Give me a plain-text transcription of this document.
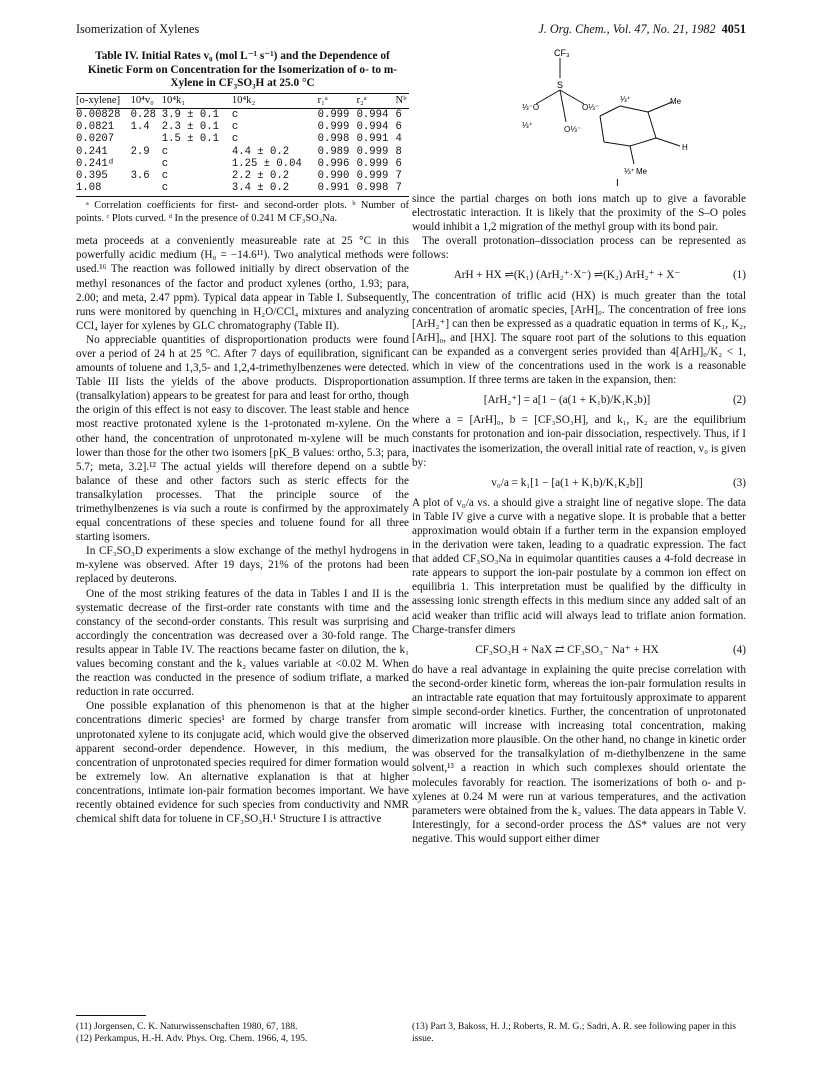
Isomerization of Xylenes	J. Org. Chem., Vol. 47, No. 21, 1982 4051
Table IV. Initial Rates v₀ (mol L⁻¹ s⁻¹) and the Dependence of Kinetic Form on Concentration for the Isomerization of o- to m-Xylene in CF₃SO₃H at 25.0 °C
[o-xylene]	10⁴v₀	10⁴k₁	10⁴k₂	r₁ᵃ	r₂ᵃ	Nᵇ
0.00828	0.28	3.9 ± 0.1	c	0.999	0.994	6
0.0821	1.4	2.3 ± 0.1	c	0.999	0.994	6
0.0207		1.5 ± 0.1	c	0.998	0.991	4
0.241	2.9	c	4.4 ± 0.2	0.989	0.999	8
0.241ᵈ		c	1.25 ± 0.04	0.996	0.999	6
0.395	3.6	c	2.2 ± 0.2	0.990	0.999	7
1.08		c	3.4 ± 0.2	0.991	0.998	7
ᵃ Correlation coefficients for first- and second-order plots. ᵇ Number of points. ᶜ Plots curved. ᵈ In the presence of 0.241 M CF₃SO₃Na.

meta proceeds at a conveniently measureable rate at 25 °C in this powerfully acidic medium (H₀ = −14.6¹¹). Two analytical methods were used.¹⁶ The reaction was followed initially by direct observation of the methyl resonances of the factor and product xylenes (ortho, 1.93; para, 2.00; and meta, 2.47 ppm). Typical data appear in Table I. Subsequently, runs were monitored by quenching in H₂O/CCl₄ mixtures and analyzing CCl₄ layer for xylenes by GLC chromatography (Table II).

No appreciable quantities of disproportionation products were found over a period of 24 h at 25 °C. After 7 days of equilibration, significant amounts of toluene and 1,3,5- and 1,2,4-trimethylbenzenes were detected. Table III lists the yields of the above products. Disproportionation (transalkylation) appears to be greatest for para and least for ortho, though the origin of this effect is not easy to discover. The least stable and hence most reactive protonated xylene is the 1-protonated m-xylene. On the other hand, the concentration of unprotonated m-xylene will be much lower than those for the other two isomers [pK_B values: ortho, 5.3; para, 5.7; meta, 3.2].¹² The actual yields will therefore depend on a subtle balance of these and other factors such as steric effects for the transalkylation processes. That the principle source of the trimethylbenzenes is via such a route is confirmed by the approximately equal concentrations of these species and toluene found for all three starting isomers.

In CF₃SO₃D experiments a slow exchange of the methyl hydrogens in m-xylene was observed. After 19 days, 21% of the protons had been replaced by deuterons.

One of the most striking features of the data in Tables I and II is the systematic decrease of the first-order rate constants with time and the constancy of the second-order constants. This result was surprising and accordingly the concentration was decreased over a 30-fold range. The results appear in Table IV. The reactions became faster on dilution, the k₁ values becoming constant and the k₂ values variable at <0.02 M. When the reaction was conducted in the presence of sodium triflate, a marked reduction in rate occurred.

One possible explanation of this phenomenon is that at the higher concentrations dimeric species¹ are formed by charge transfer from unprotonated xylene to its conjugate acid, which would give the observed apparent second-order dependence. However, in this medium, the concentration of unprotonated species required for dimer formation would be extremely low. An alternative explanation is that at higher concentrations, intimate ion-pair formation becomes important. We have recently obtained evidence for such species from conductivity and NMR chemical shift data for toluene in CF₃SO₃H.¹ Structure I is attractive

CF₃
S
⅓⁻O	O⅓⁻
O⅓⁻
⅓⁺
⅓⁺
⅓⁺
Me
Me
H
I

since the partial charges on both ions match up to give a favorable electrostatic interaction. It is likely that the proximity of the S–O poles would inhibit a 1,2 migration of the methyl group with its bond pair.

The overall protonation–dissociation process can be represented as follows:

ArH + HX ⇌(K₁) (ArH₂⁺·X⁻) ⇌(K₂) ArH₂⁺ + X⁻	(1)

The concentration of triflic acid (HX) is much greater than the total concentration of aromatic species, [ArH]₀. The concentration of free ions [ArH₂⁺] can then be expressed as a quadratic equation in terms of K₁, K₂, [ArH]₀, and [HX]. The square root part of the solutions to this equation can be expanded as a convergent series provided than 4[ArH]₀/K₂ < 1, which in view of the concentrations used in the work is a reasonable assumption. If three terms are taken in the expansion, then:

[ArH₂⁺] = a[1 − (a(1 + K₁b)/K₁K₂b)]	(2)

where a = [ArH]₀, b = [CF₃SO₃H], and k₁, K₂ are the equilibrium constants for protonation and ion-pair dissociation, respectively. Thus, if I inactivates the isomerization, the overall initial rate of reaction, v₀ is given by:

v₀/a = k₁[1 − [a(1 + K₁b)/K₁K₂b]]	(3)

A plot of v₀/a vs. a should give a straight line of negative slope. The data in Table IV give a curve with a negative slope. It is probable that a better approximation would obtain if a further term in the expansion employed in the derivation were taken, leading to a quadratic expression. The fact that added CF₃SO₃Na in equimolar quantities causes a 4-fold decrease in rate appears to support the ion-pair postulate by a common ion effect on equilibria 1. This interpretation must be qualified by the difficulty in assessing ionic strength effects in this medium since any added salt of an acid weaker than triflic acid will always lead to triflate anion formation. Charge-transfer dimers

CF₃SO₃H + NaX ⇄ CF₃SO₃⁻ Na⁺ + HX	(4)

do have a real advantage in explaining the quite precise correlation with the second-order kinetic form, whereas the ion-pair formulation results in an intractable rate equation that may fortuitously approximate to apparent simple second-order kinetics. Further, the concentration of unprotonated aromatic will increase with increasing total concentration, making dimerization more plausible. On the other hand, no change in kinetic order was observed for the transalkylation of m-diethylbenzene in the same solvent,¹³ a reaction in which such complexes should orientate the molecules favorably for reaction. The isomerizations of both o- and p-xylenes at 0.24 M were run at various temperatures, and the activation parameters were obtained from the k₂ values. The data appears in Table V. Interestingly, for a second-order process the ΔS* values are not very negative. This would support either dimer

(11) Jorgensen, C. K. Naturwissenschaften 1980, 67, 188.
(12) Perkampus, H.-H. Adv. Phys. Org. Chem. 1966, 4, 195.
(13) Part 3, Bakoss, H. J.; Roberts, R. M. G.; Sadri, A. R. see following paper in this issue.
